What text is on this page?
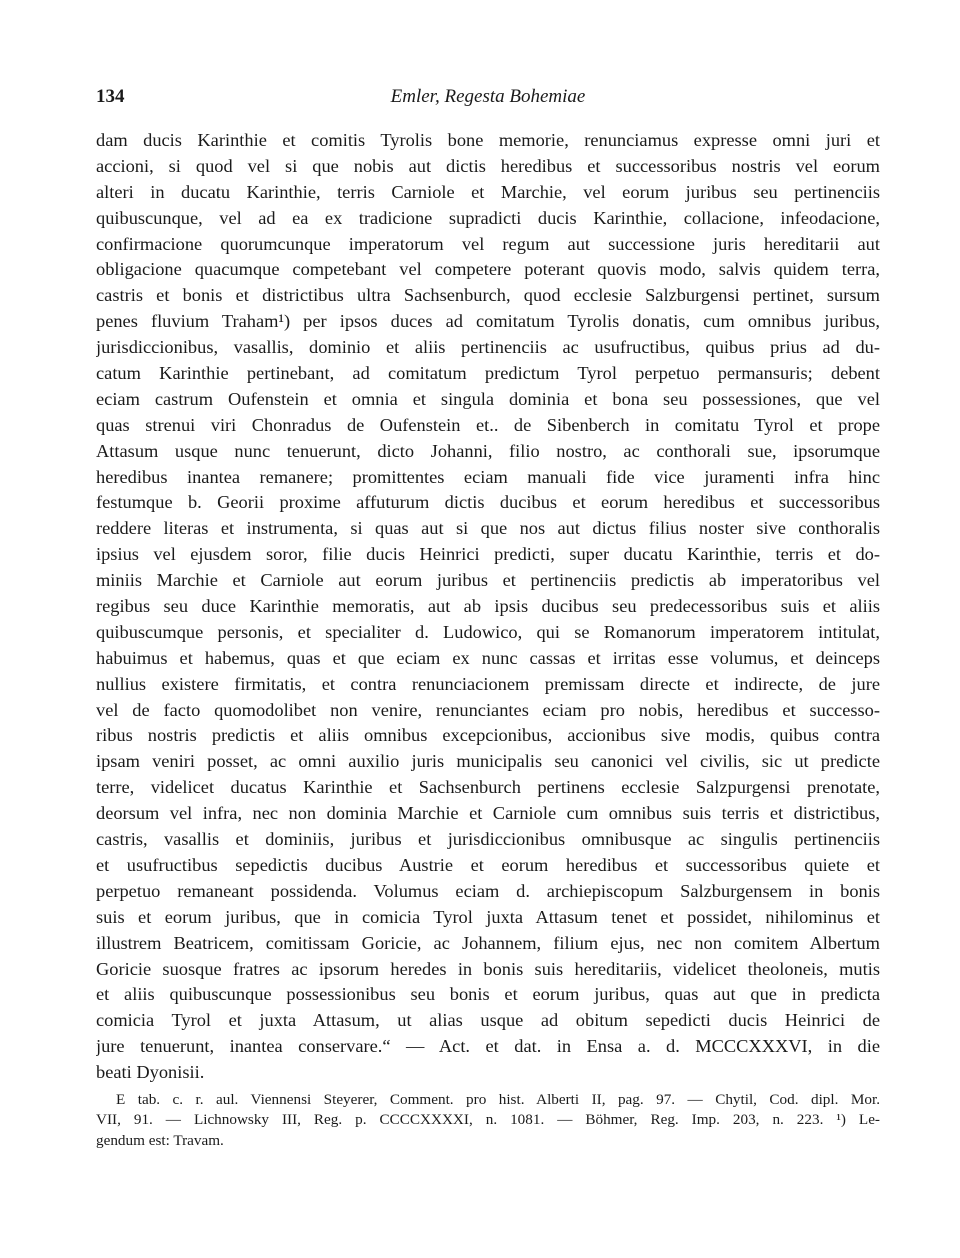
134	Emler, Regesta Bohemiae
dam ducis Karinthie et comitis Tyrolis bone memorie, renunciamus expresse omni juri et
accioni, si quod vel si que nobis aut dictis heredibus et successoribus nostris vel eorum
alteri in ducatu Karinthie, terris Carniole et Marchie, vel eorum juribus seu pertinenciis
quibuscunque, vel ad ea ex tradicione supradicti ducis Karinthie, collacione, infeodacione,
confirmacione quorumcunque imperatorum vel regum aut successione juris hereditarii aut
obligacione quacumque competebant vel competere poterant quovis modo, salvis quidem terra,
castris et bonis et districtibus ultra Sachsenburch, quod ecclesie Salzburgensi pertinet, sursum
penes fluvium Traham¹) per ipsos duces ad comitatum Tyrolis donatis, cum omnibus juribus,
jurisdiccionibus, vasallis, dominio et aliis pertinenciis ac usufructibus, quibus prius ad du-
catum Karinthie pertinebant, ad comitatum predictum Tyrol perpetuo permansuris; debent
eciam castrum Oufenstein et omnia et singula dominia et bona seu possessiones, que vel
quas strenui viri Chonradus de Oufenstein et.. de Sibenberch in comitatu Tyrol et prope
Attasum usque nunc tenuerunt, dicto Johanni, filio nostro, ac conthorali sue, ipsorumque
heredibus inantea remanere; promittentes eciam manuali fide vice juramenti infra hinc
festumque b. Georii proxime affuturum dictis ducibus et eorum heredibus et successoribus
reddere literas et instrumenta, si quas aut si que nos aut dictus filius noster sive conthoralis
ipsius vel ejusdem soror, filie ducis Heinrici predicti, super ducatu Karinthie, terris et do-
miniis Marchie et Carniole aut eorum juribus et pertinenciis predictis ab imperatoribus vel
regibus seu duce Karinthie memoratis, aut ab ipsis ducibus seu predecessoribus suis et aliis
quibuscumque personis, et specialiter d. Ludowico, qui se Romanorum imperatorem intitulat,
habuimus et habemus, quas et que eciam ex nunc cassas et irritas esse volumus, et deinceps
nullius existere firmitatis, et contra renunciacionem premissam directe et indirecte, de jure
vel de facto quomodolibet non venire, renunciantes eciam pro nobis, heredibus et successo-
ribus nostris predictis et aliis omnibus excepcionibus, accionibus sive modis, quibus contra
ipsam veniri posset, ac omni auxilio juris municipalis seu canonici vel civilis, sic ut predicte
terre, videlicet ducatus Karinthie et Sachsenburch pertinens ecclesie Salzpurgensi prenotate,
deorsum vel infra, nec non dominia Marchie et Carniole cum omnibus suis terris et districtibus,
castris, vasallis et dominiis, juribus et jurisdiccionibus omnibusque ac singulis pertinenciis
et usufructibus sepedictis ducibus Austrie et eorum heredibus et successoribus quiete et
perpetuo remaneant possidenda. Volumus eciam d. archiepiscopum Salzburgensem in bonis
suis et eorum juribus, que in comicia Tyrol juxta Attasum tenet et possidet, nihilominus et
illustrem Beatricem, comitissam Goricie, ac Johannem, filium ejus, nec non comitem Albertum
Goricie suosque fratres ac ipsorum heredes in bonis suis hereditariis, videlicet theoloneis, mutis
et aliis quibuscunque possessionibus seu bonis et eorum juribus, quas aut que in predicta
comicia Tyrol et juxta Attasum, ut alias usque ad obitum sepedicti ducis Heinrici de
jure tenuerunt, inantea conservare.“ — Act. et dat. in Ensa a. d. MCCCXXXVI, in die
beati Dyonisii.
E tab. c. r. aul. Viennensi Steyerer, Comment. pro hist. Alberti II, pag. 97. — Chytil, Cod. dipl. Mor.
VII, 91. — Lichnowsky III, Reg. p. CCCCXXXXI, n. 1081. — Böhmer, Reg. Imp. 203, n. 223. ¹) Le-
gendum est: Travam.
